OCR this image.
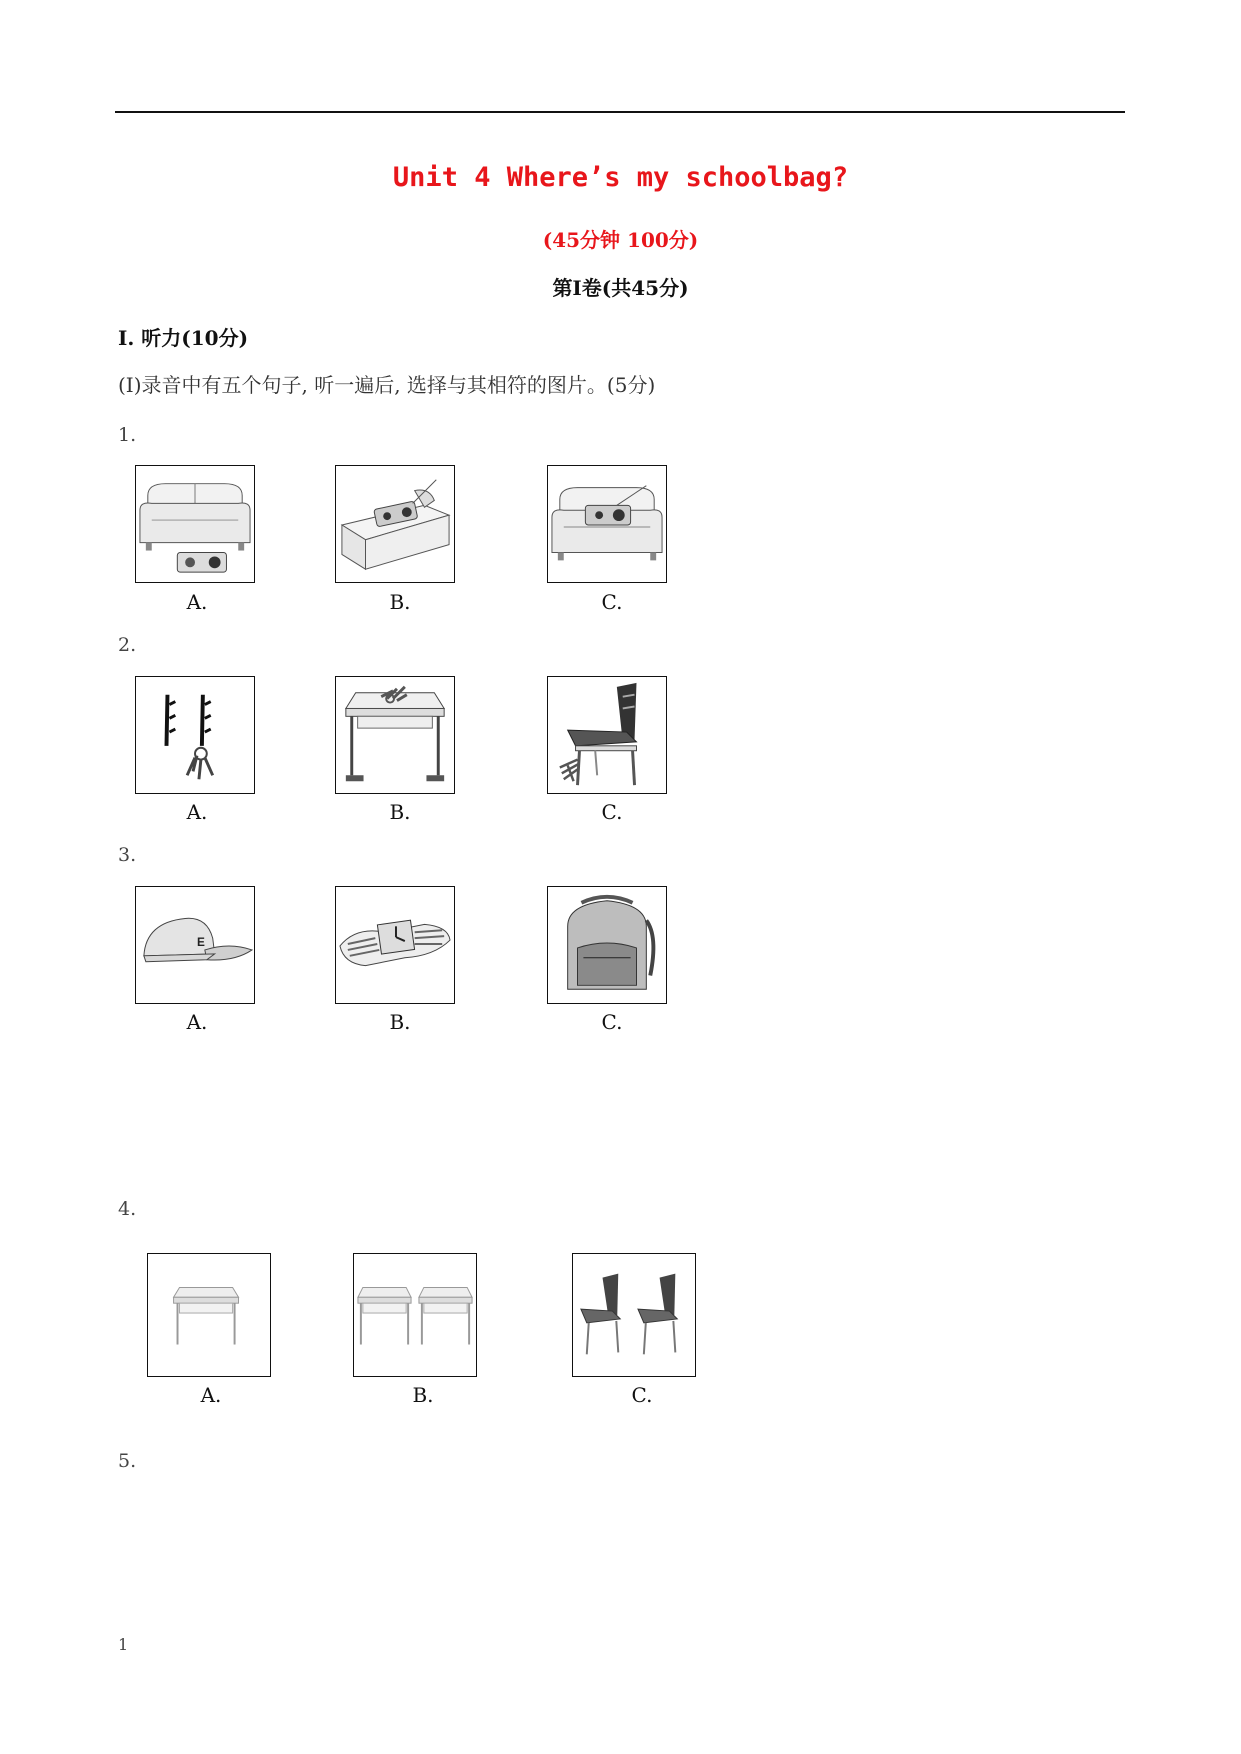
Unit 4 Where’s my schoolbag?
(45分钟 100分)
第Ⅰ卷(共45分)
Ⅰ. 听力(10分)
(Ⅰ)录音中有五个句子, 听一遍后, 选择与其相符的图片。(5分)
1.
A.	B.	C.
2.
A.	B.	C.
3.
E
A.	B.	C.
4.
A.	B.	C.
5.
1
